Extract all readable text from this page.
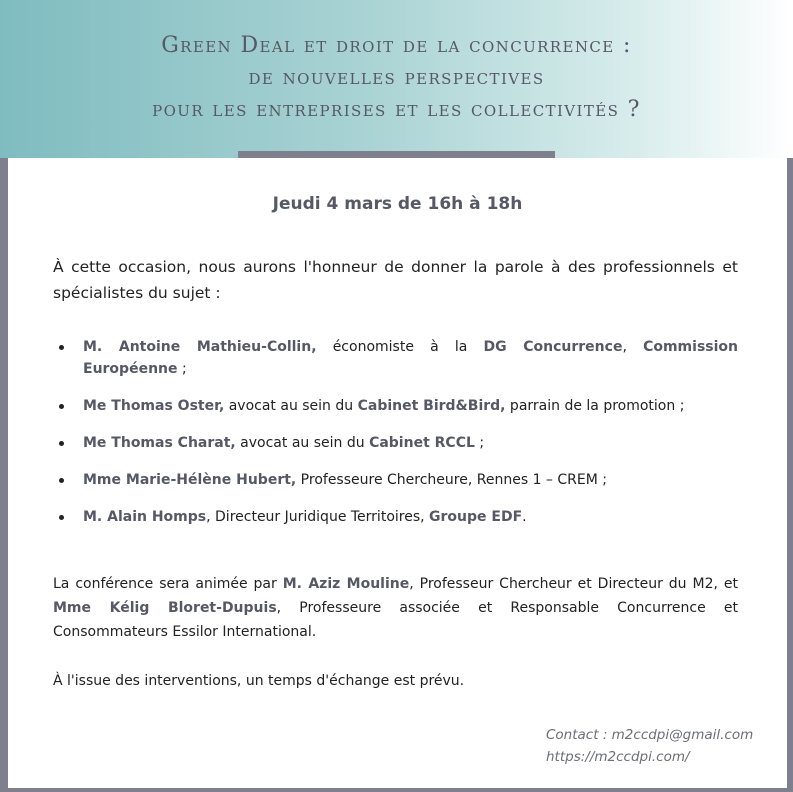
Green Deal et droit de la concurrence :
de nouvelles perspectives
pour les entreprises et les collectivités ?
Jeudi 4 mars de 16h à 18h
À cette occasion, nous aurons l'honneur de donner la parole à des professionnels et spécialistes du sujet :
M. Antoine Mathieu-Collin, économiste à la DG Concurrence, Commission Européenne ;
Me Thomas Oster, avocat au sein du Cabinet Bird&Bird, parrain de la promotion ;
Me Thomas Charat, avocat au sein du Cabinet RCCL ;
Mme Marie-Hélène Hubert, Professeure Chercheure, Rennes 1 – CREM ;
M. Alain Homps, Directeur Juridique Territoires, Groupe EDF.
La conférence sera animée par M. Aziz Mouline, Professeur Chercheur et Directeur du M2, et Mme Kélig Bloret-Dupuis, Professeure associée et Responsable Concurrence et Consommateurs Essilor International.
À l'issue des interventions, un temps d'échange est prévu.
Contact : m2ccdpi@gmail.com
https://m2ccdpi.com/
